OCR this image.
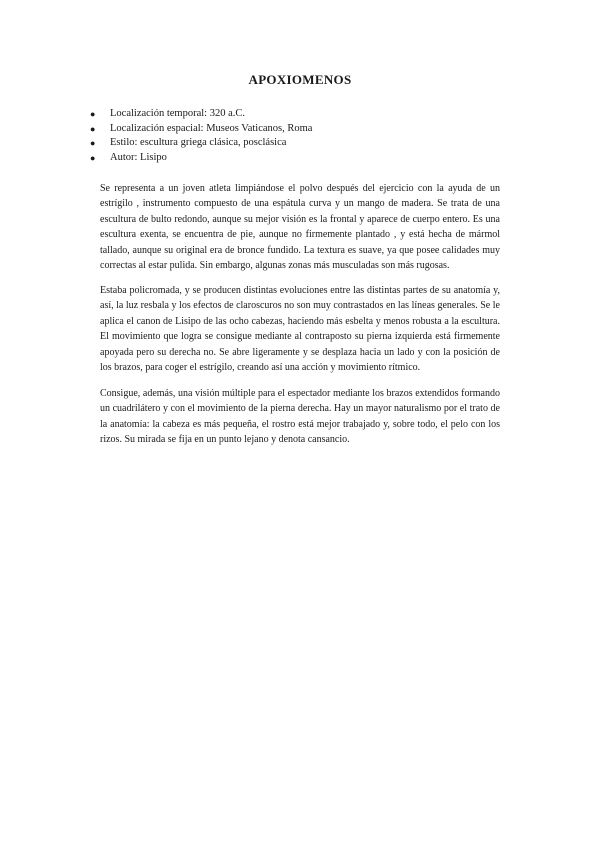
APOXIOMENOS
● Localización temporal: 320 a.C.
● Localización espacial: Museos Vaticanos, Roma
● Estilo: escultura griega clásica, posclásica
● Autor: Lisipo

Se representa a un joven atleta limpiándose el polvo después del ejercicio con la ayuda de un estrígilo , instrumento compuesto de una espátula curva y un mango de madera. Se trata de una escultura de bulto redondo, aunque su mejor visión es la frontal y aparece de cuerpo entero. Es una escultura exenta, se encuentra de pie, aunque no firmemente plantado , y está hecha de mármol tallado, aunque su original era de bronce fundido. La textura es suave, ya que posee calidades muy correctas al estar pulida. Sin embargo, algunas zonas más musculadas son más rugosas.

Estaba policromada, y se producen distintas evoluciones entre las distintas partes de su anatomía y, así, la luz resbala y los efectos de claroscuros no son muy contrastados en las líneas generales. Se le aplica el canon de Lisipo de las ocho cabezas, haciendo más esbelta y menos robusta a la escultura. El movimiento que logra se consigue mediante al contraposto su pierna izquierda está firmemente apoyada pero su derecha no. Se abre ligeramente y se desplaza hacia un lado y con la posición de los brazos, para coger el estrígilo, creando así una acción y movimiento rítmico.

Consigue, además, una visión múltiple para el espectador mediante los brazos extendidos formando un cuadrilátero y con el movimiento de la pierna derecha. Hay un mayor naturalismo por el trato de la anatomía: la cabeza es más pequeña, el rostro está mejor trabajado y, sobre todo, el pelo con los rizos. Su mirada se fija en un punto lejano y denota cansancio.
